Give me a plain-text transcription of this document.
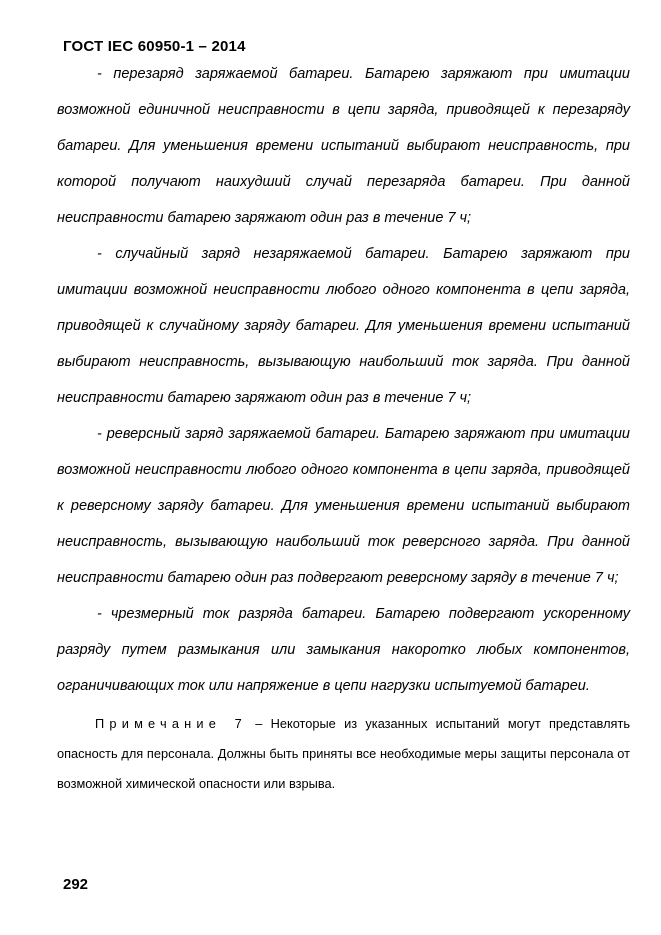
ГОСТ IEC 60950-1 – 2014

- перезаряд заряжаемой батареи. Батарею заряжают при имитации возможной единичной неисправности в цепи заряда, приводящей к перезаряду батареи. Для уменьшения времени испытаний выбирают неисправность, при которой получают наихудший случай перезаряда батареи. При данной неисправности батарею заряжают один раз в течение 7 ч;

- случайный заряд незаряжаемой батареи. Батарею заряжают при имитации возможной неисправности любого одного компонента в цепи заряда, приводящей к случайному заряду батареи. Для уменьшения времени испытаний выбирают неисправность, вызывающую наибольший ток заряда. При данной неисправности батарею заряжают один раз в течение 7 ч;

- реверсный заряд заряжаемой батареи. Батарею заряжают при имитации возможной неисправности любого одного компонента в цепи заряда, приводящей к реверсному заряду батареи. Для уменьшения времени испытаний выбирают неисправность, вызывающую наибольший ток реверсного заряда. При данной неисправности батарею один раз подвергают реверсному заряду в течение 7 ч;

- чрезмерный ток разряда батареи. Батарею подвергают ускоренному разряду путем размыкания или замыкания накоротко любых компонентов, ограничивающих ток или напряжение в цепи нагрузки испытуемой батареи.

Примечание 7 – Некоторые из указанных испытаний могут представлять опасность для персонала. Должны быть приняты все необходимые меры защиты персонала от возможной химической опасности или взрыва.

292
